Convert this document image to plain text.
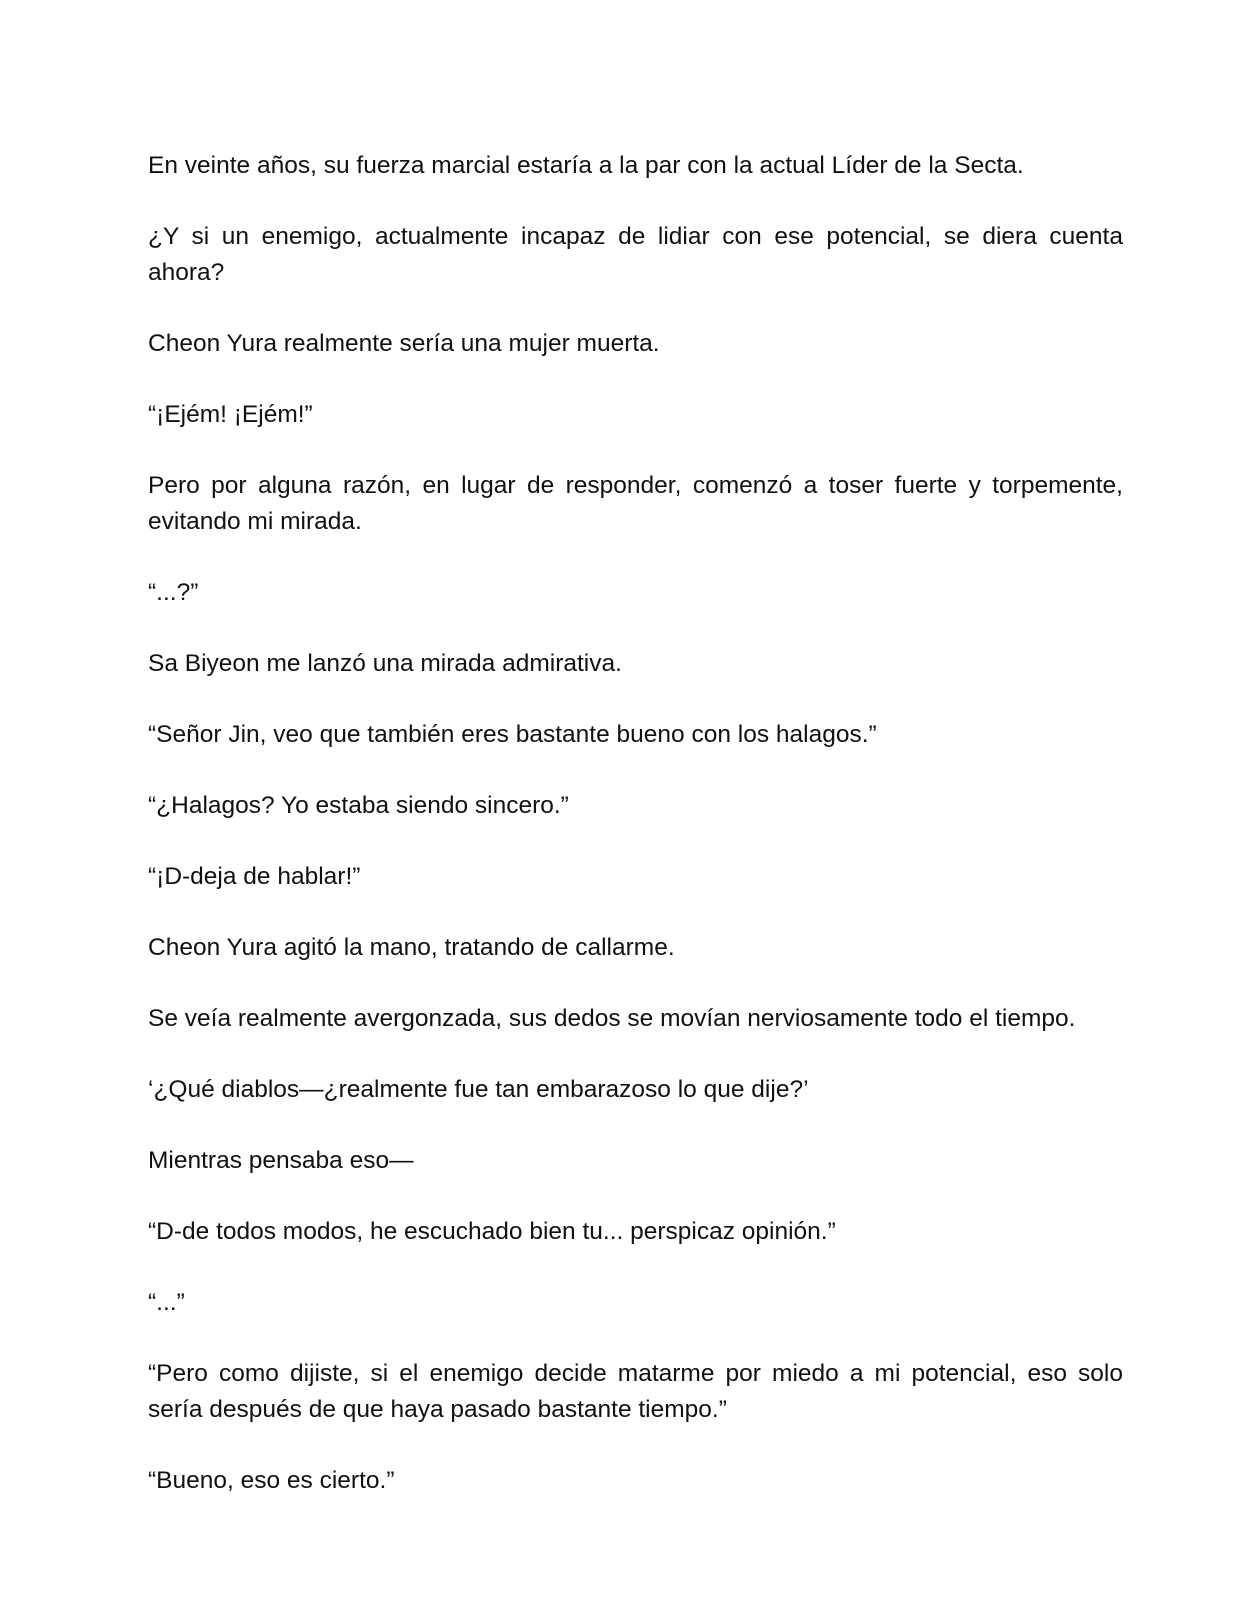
En veinte años, su fuerza marcial estaría a la par con la actual Líder de la Secta.

¿Y si un enemigo, actualmente incapaz de lidiar con ese potencial, se diera cuenta ahora?

Cheon Yura realmente sería una mujer muerta.

“¡Ejém! ¡Ejém!”

Pero por alguna razón, en lugar de responder, comenzó a toser fuerte y torpemente, evitando mi mirada.

“...?”

Sa Biyeon me lanzó una mirada admirativa.

“Señor Jin, veo que también eres bastante bueno con los halagos.”

“¿Halagos? Yo estaba siendo sincero.”

“¡D-deja de hablar!”

Cheon Yura agitó la mano, tratando de callarme.

Se veía realmente avergonzada, sus dedos se movían nerviosamente todo el tiempo.

‘¿Qué diablos—¿realmente fue tan embarazoso lo que dije?’

Mientras pensaba eso—

“D-de todos modos, he escuchado bien tu... perspicaz opinión.”

“...”

“Pero como dijiste, si el enemigo decide matarme por miedo a mi potencial, eso solo sería después de que haya pasado bastante tiempo.”

“Bueno, eso es cierto.”
